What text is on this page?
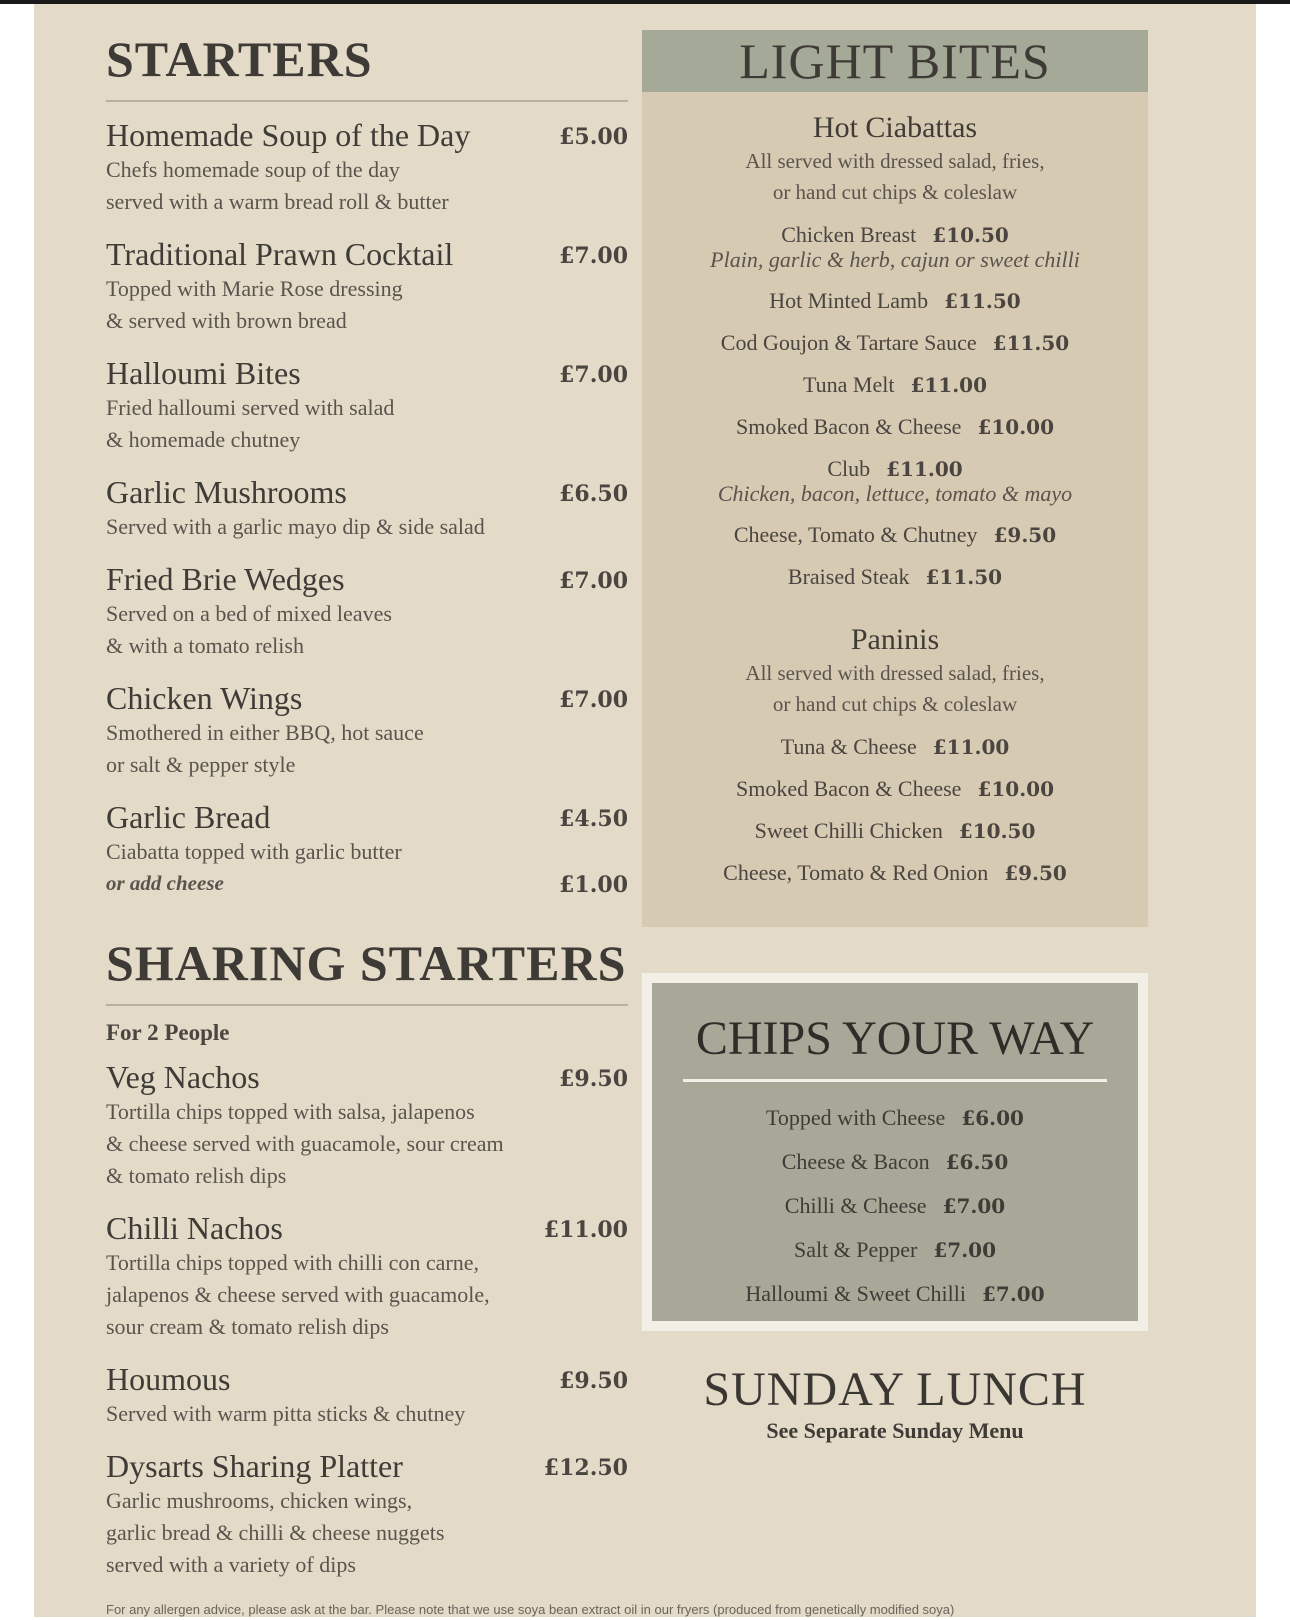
STARTERS
Homemade Soup of the Day	£5.00
Chefs homemade soup of the day
served with a warm bread roll & butter
Traditional Prawn Cocktail	£7.00
Topped with Marie Rose dressing
& served with brown bread
Halloumi Bites	£7.00
Fried halloumi served with salad
& homemade chutney
Garlic Mushrooms	£6.50
Served with a garlic mayo dip & side salad
Fried Brie Wedges	£7.00
Served on a bed of mixed leaves
& with a tomato relish
Chicken Wings	£7.00
Smothered in either BBQ, hot sauce
or salt & pepper style
Garlic Bread	£4.50
Ciabatta topped with garlic butter
or add cheese	£1.00
SHARING STARTERS
For 2 People
Veg Nachos	£9.50
Tortilla chips topped with salsa, jalapenos
& cheese served with guacamole, sour cream
& tomato relish dips
Chilli Nachos	£11.00
Tortilla chips topped with chilli con carne,
jalapenos & cheese served with guacamole,
sour cream & tomato relish dips
Houmous	£9.50
Served with warm pitta sticks & chutney
Dysarts Sharing Platter	£12.50
Garlic mushrooms, chicken wings,
garlic bread & chilli & cheese nuggets
served with a variety of dips
LIGHT BITES
Hot Ciabattas
All served with dressed salad, fries,
or hand cut chips & coleslaw
Chicken Breast £10.50
Plain, garlic & herb, cajun or sweet chilli
Hot Minted Lamb £11.50
Cod Goujon & Tartare Sauce £11.50
Tuna Melt £11.00
Smoked Bacon & Cheese £10.00
Club £11.00
Chicken, bacon, lettuce, tomato & mayo
Cheese, Tomato & Chutney £9.50
Braised Steak £11.50
Paninis
All served with dressed salad, fries,
or hand cut chips & coleslaw
Tuna & Cheese £11.00
Smoked Bacon & Cheese £10.00
Sweet Chilli Chicken £10.50
Cheese, Tomato & Red Onion £9.50
CHIPS YOUR WAY
Topped with Cheese £6.00
Cheese & Bacon £6.50
Chilli & Cheese £7.00
Salt & Pepper £7.00
Halloumi & Sweet Chilli £7.00
SUNDAY LUNCH
See Separate Sunday Menu
For any allergen advice, please ask at the bar. Please note that we use soya bean extract oil in our fryers (produced from genetically modified soya)
